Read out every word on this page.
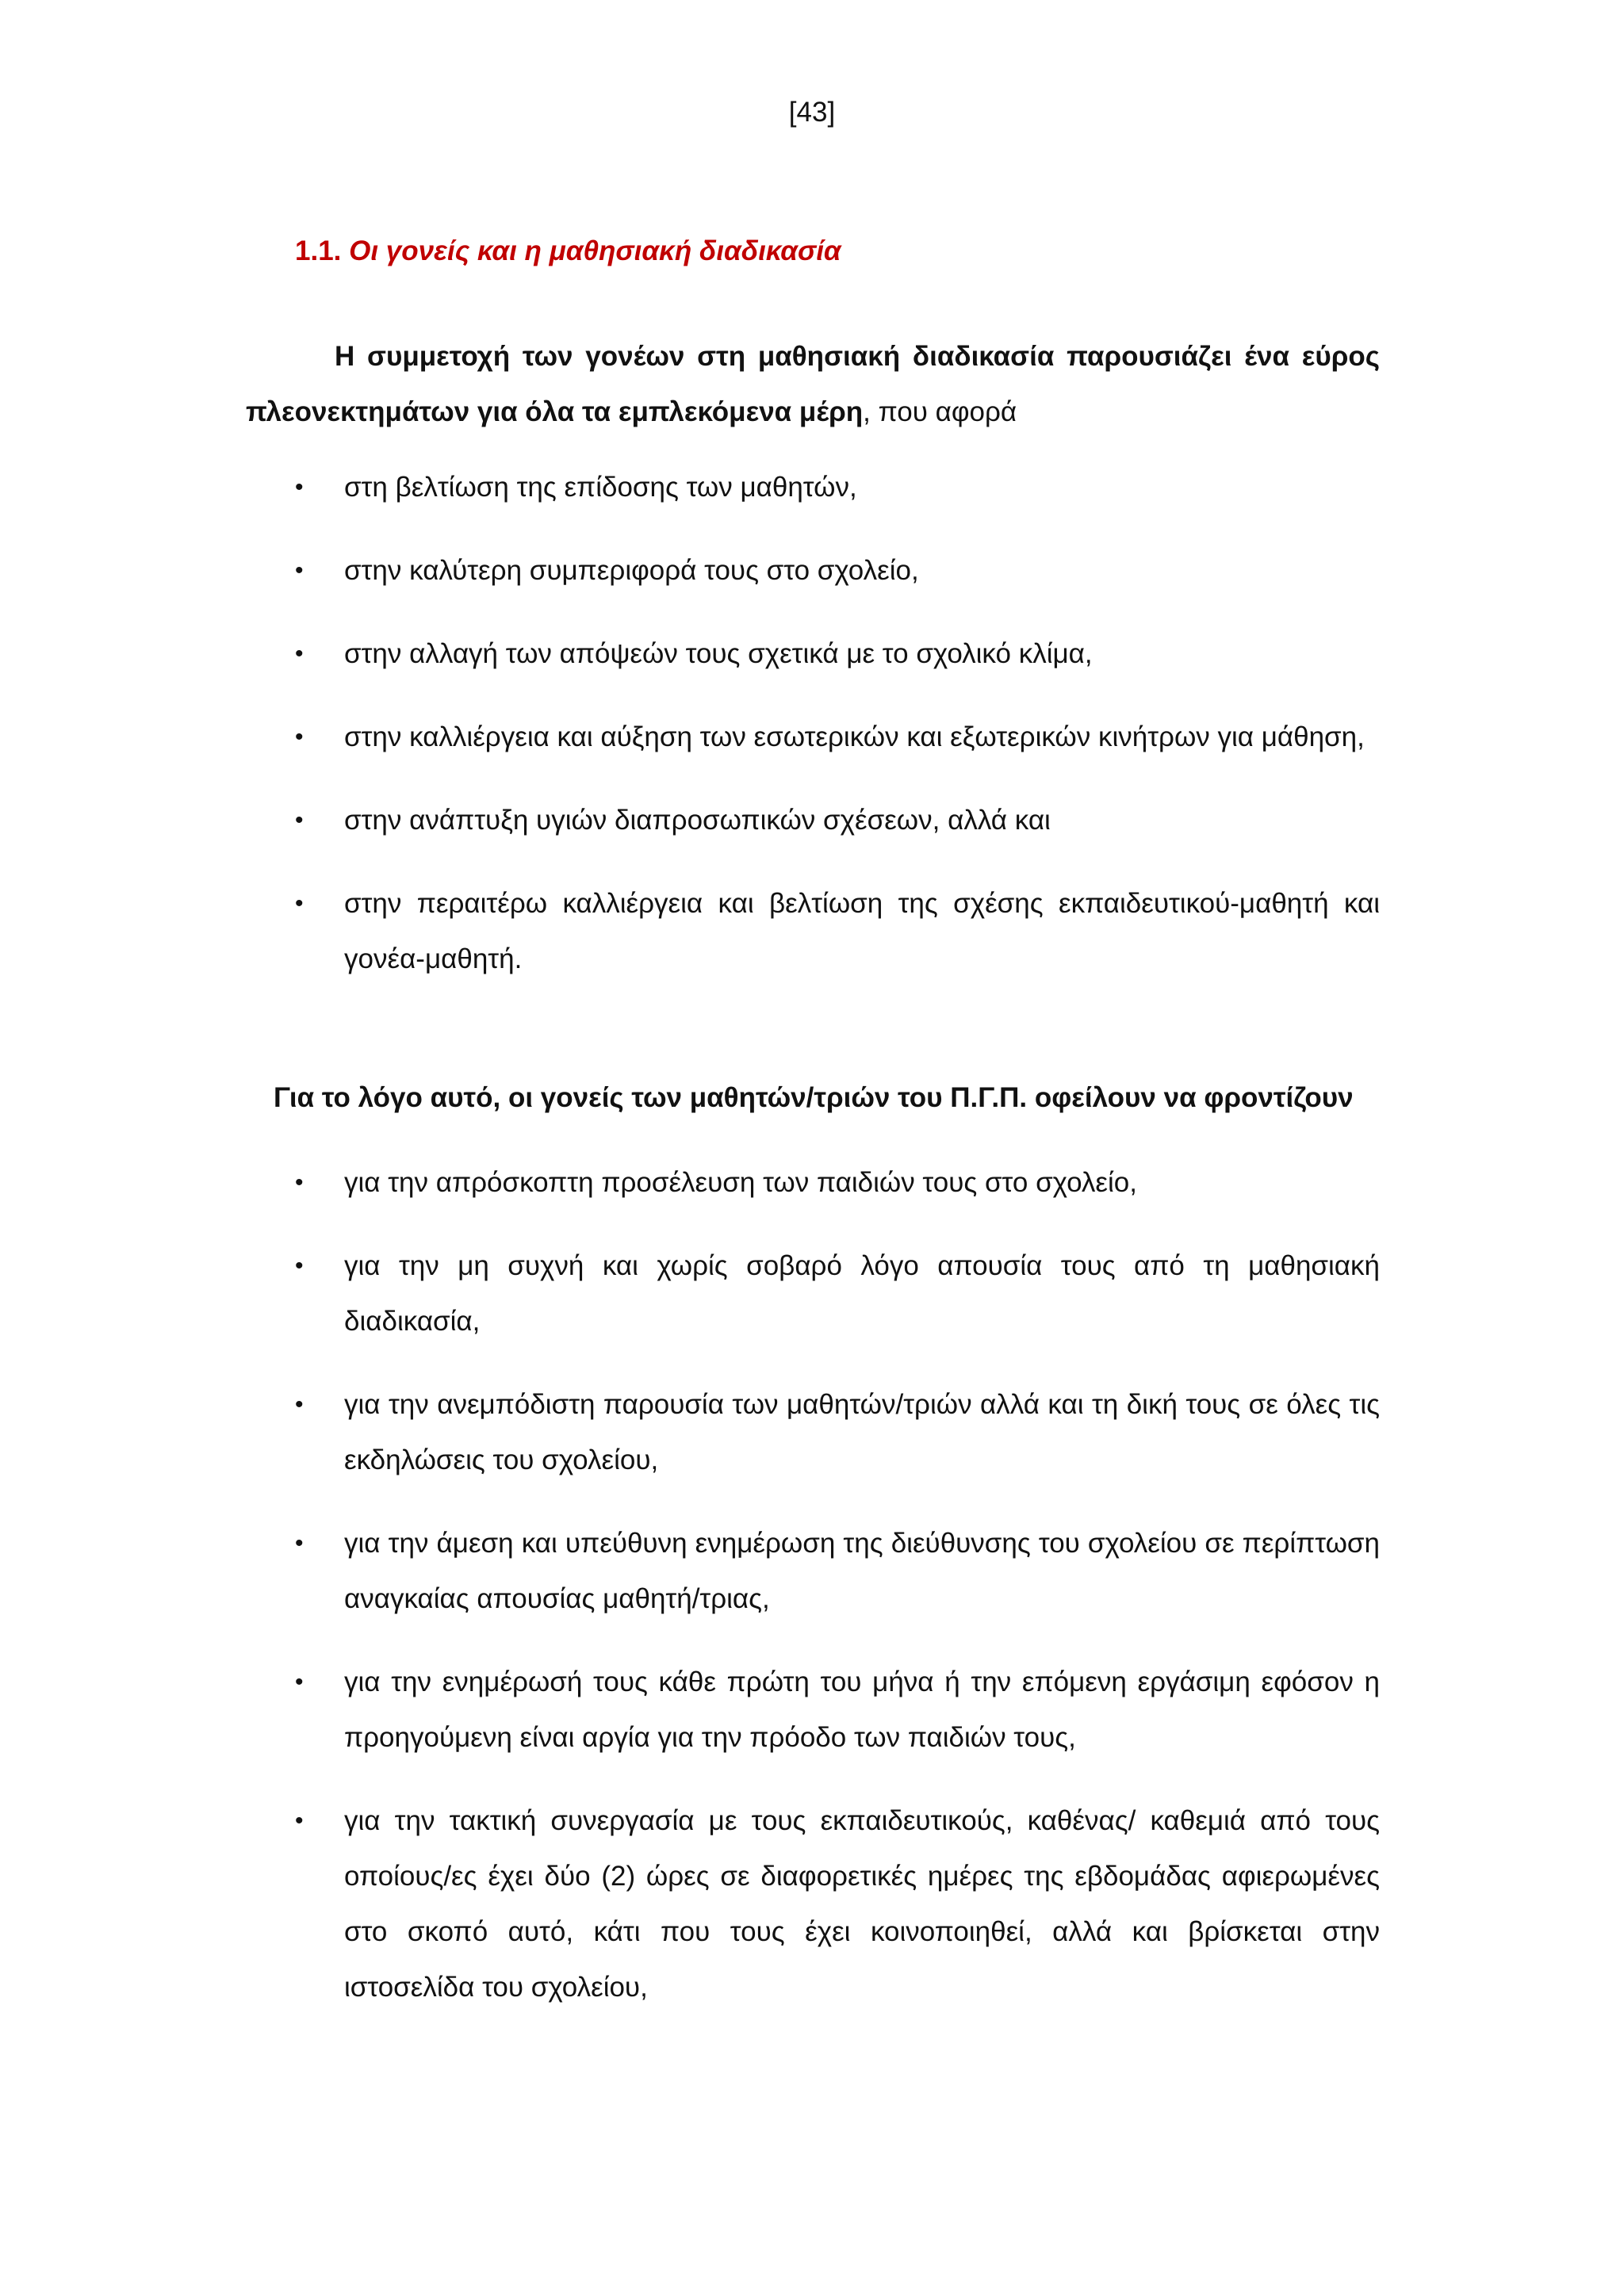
[43]
1.1. Οι γονείς και η μαθησιακή διαδικασία

Η συμμετοχή των γονέων στη μαθησιακή διαδικασία παρουσιάζει ένα εύρος πλεονεκτημάτων για όλα τα εμπλεκόμενα μέρη, που αφορά

•	στη βελτίωση της επίδοσης των μαθητών,
•	στην καλύτερη συμπεριφορά τους στο σχολείο,
•	στην αλλαγή των απόψεών τους σχετικά με το σχολικό κλίμα,
•	στην καλλιέργεια και αύξηση των εσωτερικών και εξωτερικών κινήτρων για μάθηση,
•	στην ανάπτυξη υγιών διαπροσωπικών σχέσεων, αλλά και
•	στην περαιτέρω καλλιέργεια και βελτίωση της σχέσης εκπαιδευτικού-μαθητή και γονέα-μαθητή.

Για το λόγο αυτό, οι γονείς των μαθητών/τριών του Π.Γ.Π. οφείλουν να φροντίζουν

•	για την απρόσκοπτη προσέλευση των παιδιών τους στο σχολείο,
•	για την μη συχνή και χωρίς σοβαρό λόγο απουσία τους από τη μαθησιακή διαδικασία,
•	για την ανεμπόδιστη παρουσία των μαθητών/τριών αλλά και τη δική τους σε όλες τις εκδηλώσεις του σχολείου,
•	για την άμεση και υπεύθυνη ενημέρωση της διεύθυνσης του σχολείου σε περίπτωση αναγκαίας απουσίας μαθητή/τριας,
•	για την ενημέρωσή τους κάθε πρώτη του μήνα ή την επόμενη εργάσιμη εφόσον η προηγούμενη είναι αργία για την πρόοδο των παιδιών τους,
•	για την τακτική συνεργασία με τους εκπαιδευτικούς, καθένας/ καθεμιά από τους οποίους/ες έχει δύο (2) ώρες σε διαφορετικές ημέρες της εβδομάδας αφιερωμένες στο σκοπό αυτό, κάτι που τους έχει κοινοποιηθεί, αλλά και βρίσκεται στην ιστοσελίδα του σχολείου,
